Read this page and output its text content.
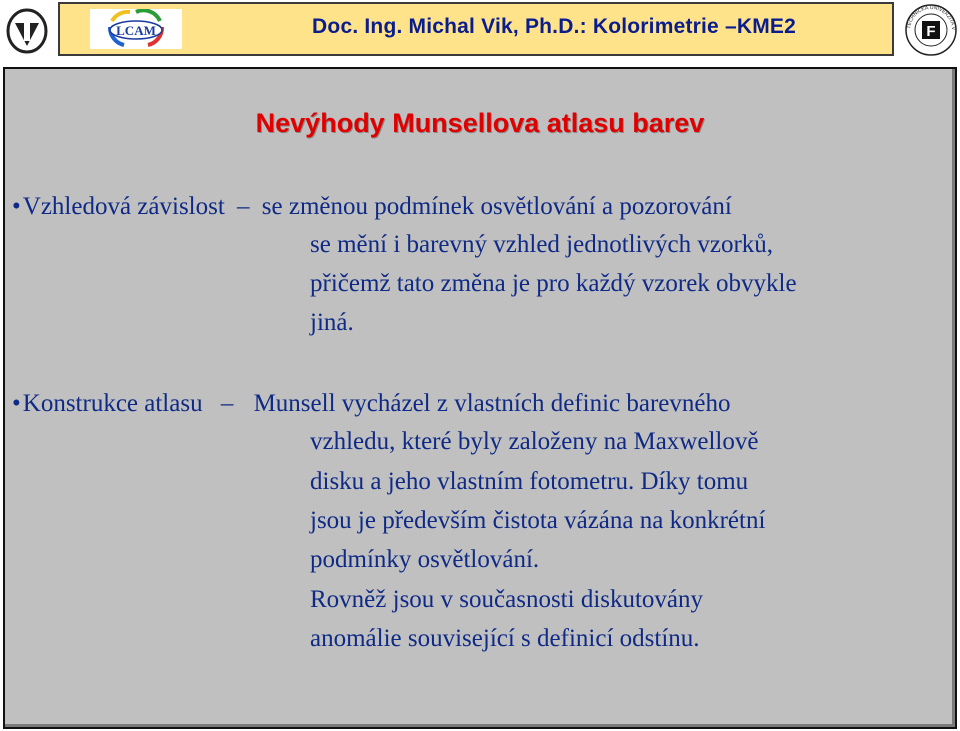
LCAM	Doc. Ing. Michal Vik, Ph.D.: Kolorimetrie –KME2	TECHNICKÁ UNIVERZITA V
F
Nevýhody Munsellova atlasu barev
•Vzhledová závislost – se změnou podmínek osvětlování a pozorování
se mění i barevný vzhled jednotlivých vzorků,
přičemž tato změna je pro každý vzorek obvykle
jiná.
•Konstrukce atlasu – Munsell vycházel z vlastních definic barevného
vzhledu, které byly založeny na Maxwellově
disku a jeho vlastním fotometru. Díky tomu
jsou je především čistota vázána na konkrétní
podmínky osvětlování.
Rovněž jsou v současnosti diskutovány
anomálie související s definicí odstínu.
